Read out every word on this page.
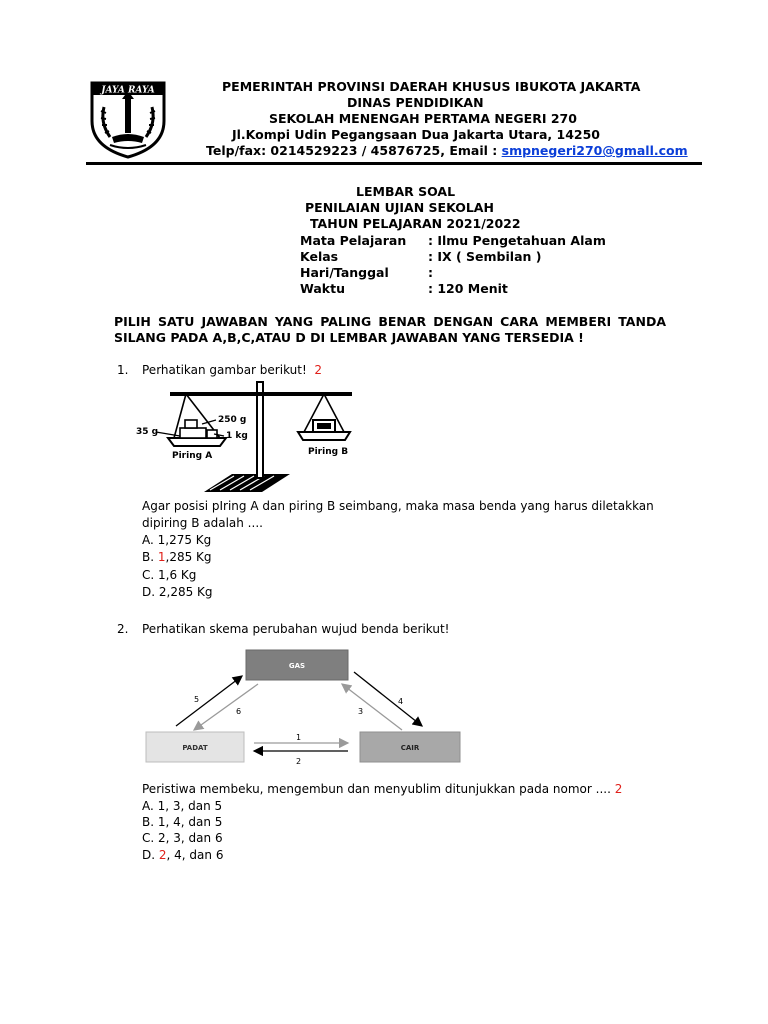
JAYA RAYA	PEMERINTAH PROVINSI DAERAH KHUSUS IBUKOTA JAKARTA
DINAS PENDIDIKAN
SEKOLAH MENENGAH PERTAMA NEGERI 270
Jl.Kompi Udin Pegangsaan Dua Jakarta Utara, 14250
Telp/fax: 0214529223 / 45876725, Email : smpnegeri270@gmall.com
LEMBAR SOAL
PENILAIAN UJIAN SEKOLAH
TAHUN PELAJARAN 2021/2022
Mata Pelajaran : Ilmu Pengetahuan Alam
Kelas	: IX ( Sembilan )
Hari/Tanggal	:
Waktu	: 120 Menit
PILIH SATU JAWABAN YANG PALING BENAR DENGAN CARA MEMBERI TANDA SILANG PADA A,B,C,ATAU D DI LEMBAR JAWABAN YANG TERSEDIA !
1. Perhatikan gambar berikut! 2
250 g
35 g	1 kg
Piring A	Piring B
Agar posisi pIring A dan piring B seimbang, maka masa benda yang harus diletakkan
dipiring B adalah ....
A. 1,275 Kg
B. 1,285 Kg
C. 1,6 Kg
D. 2,285 Kg
2. Perhatikan skema perubahan wujud benda berikut!
GAS
PADAT	CAIR
5
6
4
3
1
2
Peristiwa membeku, mengembun dan menyublim ditunjukkan pada nomor .... 2
A. 1, 3, dan 5
B. 1, 4, dan 5
C. 2, 3, dan 6
D. 2, 4, dan 6
